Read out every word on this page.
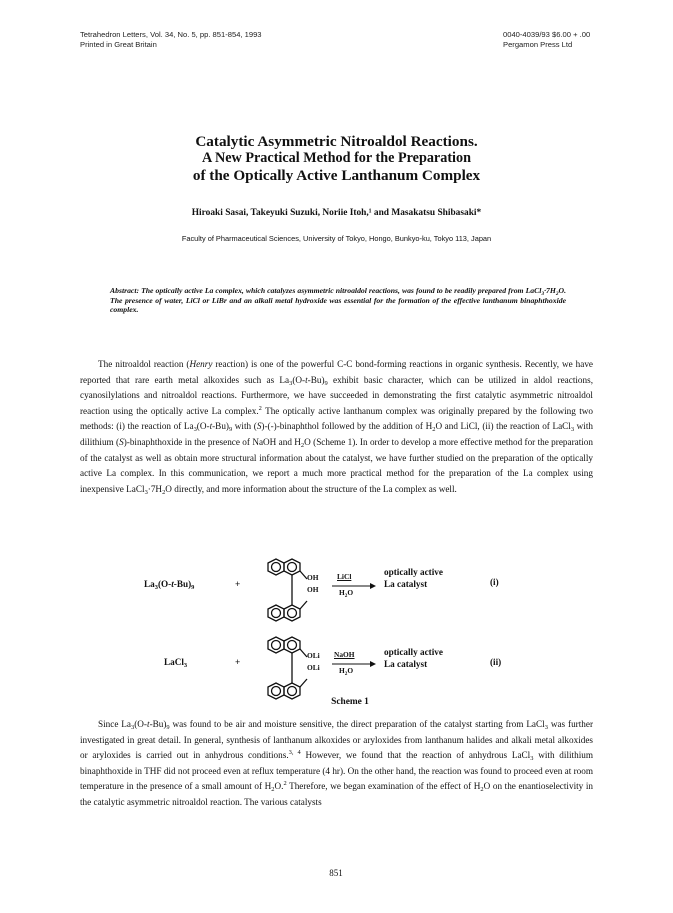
Tetrahedron Letters, Vol. 34, No. 5, pp. 851-854, 1993
Printed in Great Britain
0040-4039/93 $6.00 + .00
Pergamon Press Ltd
Catalytic Asymmetric Nitroaldol Reactions.
A New Practical Method for the Preparation
of the Optically Active Lanthanum Complex
Hiroaki Sasai, Takeyuki Suzuki, Noriie Itoh,¹ and Masakatsu Shibasaki*
Faculty of Pharmaceutical Sciences, University of Tokyo, Hongo, Bunkyo-ku, Tokyo 113, Japan
Abstract: The optically active La complex, which catalyzes asymmetric nitroaldol reactions, was found to be readily prepared from $LaCl_3\cdot 7H_2O$. The presence of water, LiCl or LiBr and an alkali metal hydroxide was essential for the formation of the effective lanthanum binaphthoxide complex.
The nitroaldol reaction (Henry reaction) is one of the powerful C-C bond-forming reactions in organic synthesis. Recently, we have reported that rare earth metal alkoxides such as $La_3(O-t-Bu)_9$ exhibit basic character, which can be utilized in aldol reactions, cyanosilylations and nitroaldol reactions. Furthermore, we have succeeded in demonstrating the first catalytic asymmetric nitroaldol reaction using the optically active La complex.$^2$ The optically active lanthanum complex was originally prepared by the following two methods: (i) the reaction of $La_3(O-t-Bu)_9$ with (S)-(-)-binaphthol followed by the addition of $H_2O$ and LiCl, (ii) the reaction of LaCl$_3$ with dilithium (S)-binaphthoxide in the presence of NaOH and $H_2O$ (Scheme 1). In order to develop a more effective method for the preparation of the catalyst as well as obtain more structural information about the catalyst, we have further studied on the preparation of the optically active La complex. In this communication, we report a much more practical method for the preparation of the La complex using inexpensive $LaCl_3\cdot 7H_2O$ directly, and more information about the structure of the La complex as well.
$La_3(O-t-Bu)_9$	+
OH
OH
LiCl
$H_2O$
optically active
La catalyst	(i)
LaCl$_3$	+
OLi
OLi
NaOH
$H_2O$
optically active
La catalyst	(ii)
Scheme 1
Since $La_3(O-t-Bu)_9$ was found to be air and moisture sensitive, the direct preparation of the catalyst starting from LaCl$_3$ was further investigated in great detail. In general, synthesis of lanthanum alkoxides or aryloxides from lanthanum halides and alkali metal alkoxides or aryloxides is carried out in anhydrous conditions.$^{3, 4}$ However, we found that the reaction of anhydrous LaCl$_3$ with dilithium binaphthoxide in THF did not proceed even at reflux temperature (4 hr). On the other hand, the reaction was found to proceed even at room temperature in the presence of a small amount of $H_2O.^2$ Therefore, we began examination of the effect of $H_2O$ on the enantioselectivity in the catalytic asymmetric nitroaldol reaction. The various catalysts
851
